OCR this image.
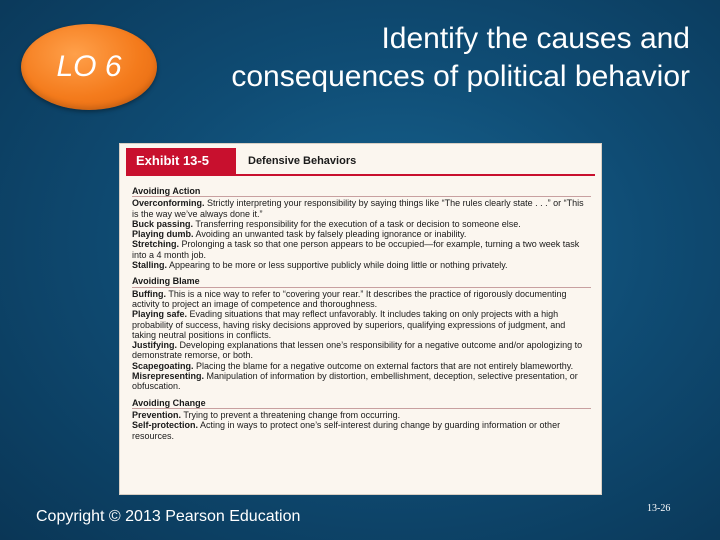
LO 6
Identify the causes and
consequences of political behavior
Exhibit 13-5	Defensive Behaviors
Avoiding Action

Overconforming. Strictly interpreting your responsibility by saying things like “The rules clearly state . . .” or “This is the way we’ve always done it.”

Buck passing. Transferring responsibility for the execution of a task or decision to someone else.

Playing dumb. Avoiding an unwanted task by falsely pleading ignorance or inability.

Stretching. Prolonging a task so that one person appears to be occupied—for example, turning a two week task into a 4 month job.

Stalling. Appearing to be more or less supportive publicly while doing little or nothing privately.

Avoiding Blame

Buffing. This is a nice way to refer to “covering your rear.” It describes the practice of rigorously documenting activity to project an image of competence and thoroughness.

Playing safe. Evading situations that may reflect unfavorably. It includes taking on only projects with a high probability of success, having risky decisions approved by superiors, qualifying expressions of judgment, and taking neutral positions in conflicts.

Justifying. Developing explanations that lessen one’s responsibility for a negative outcome and/or apologizing to demonstrate remorse, or both.

Scapegoating. Placing the blame for a negative outcome on external factors that are not entirely blameworthy.

Misrepresenting. Manipulation of information by distortion, embellishment, deception, selective presentation, or obfuscation.

Avoiding Change

Prevention. Trying to prevent a threatening change from occurring.

Self-protection. Acting in ways to protect one’s self-interest during change by guarding information or other resources.

Copyright © 2013 Pearson Education	13-26
